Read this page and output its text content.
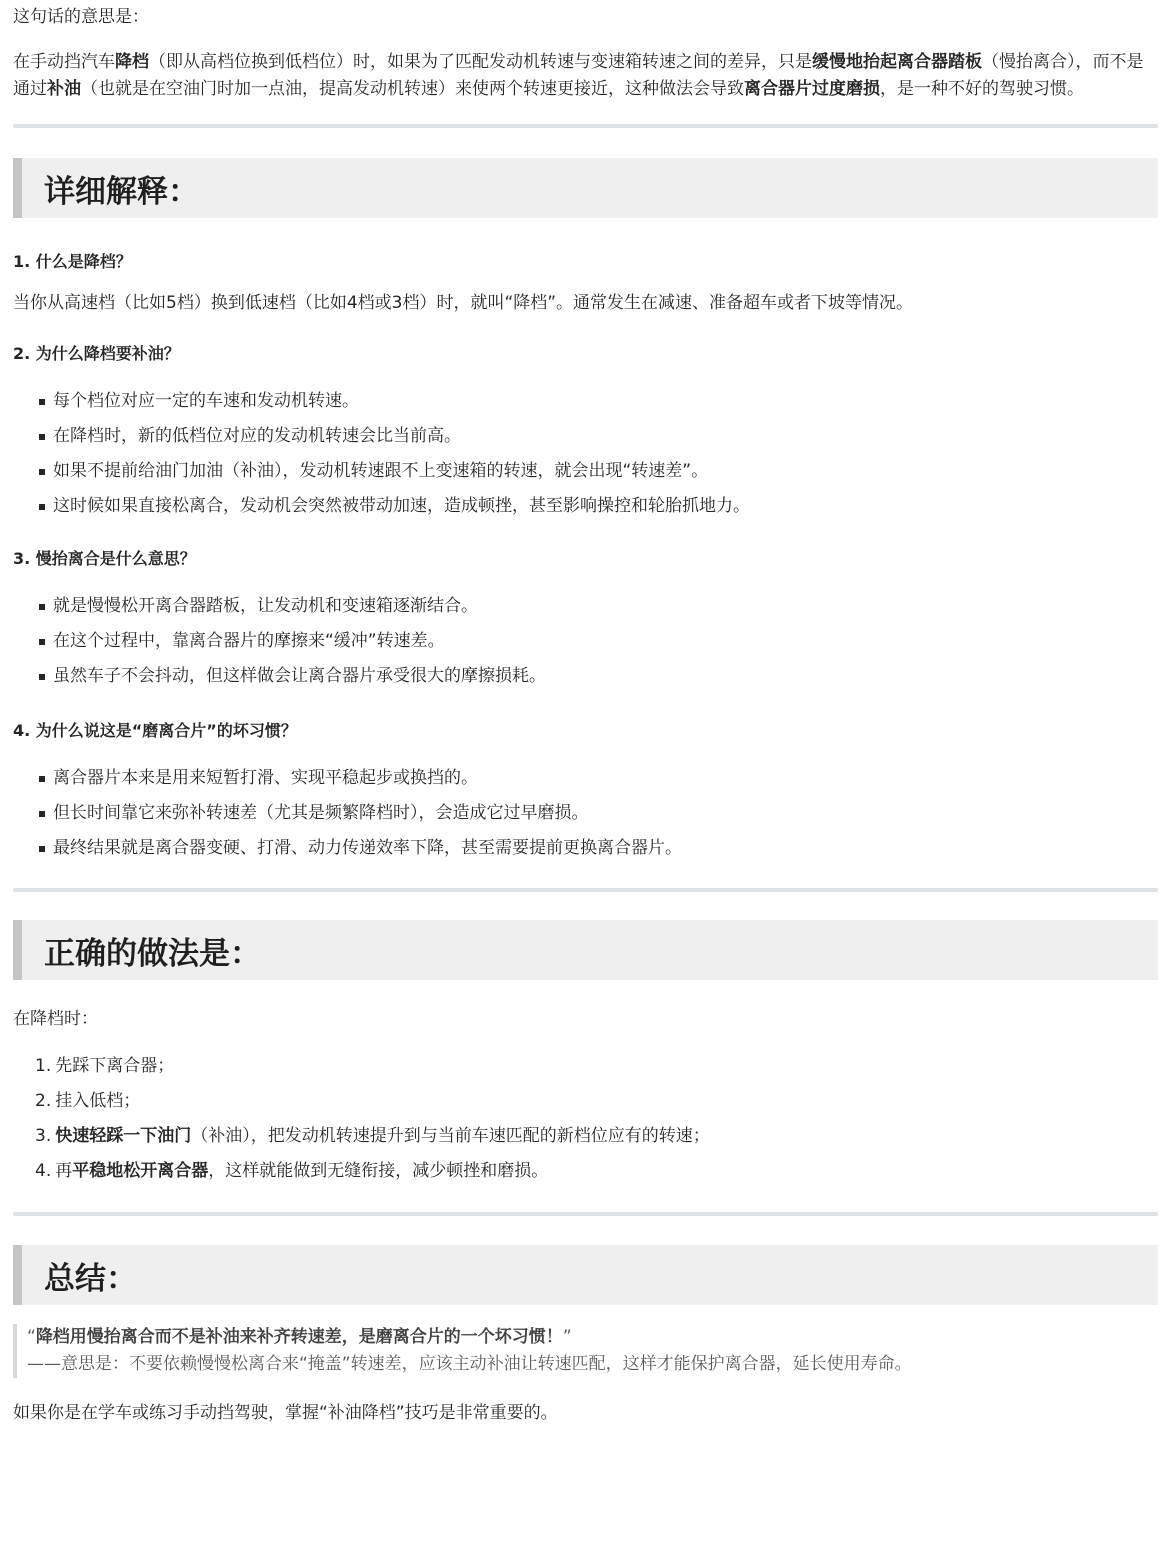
这句话的意思是：

在手动挡汽车降档（即从高档位换到低档位）时，如果为了匹配发动机转速与变速箱转速之间的差异，只是缓慢地抬起离合器踏板（慢抬离合），而不是通过补油（也就是在空油门时加一点油，提高发动机转速）来使两个转速更接近，这种做法会导致离合器片过度磨损，是一种不好的驾驶习惯。

详细解释：
1. 什么是降档？

当你从高速档（比如5档）换到低速档（比如4档或3档）时，就叫“降档”。通常发生在减速、准备超车或者下坡等情况。

2. 为什么降档要补油？
每个档位对应一定的车速和发动机转速。
在降档时，新的低档位对应的发动机转速会比当前高。
如果不提前给油门加油（补油），发动机转速跟不上变速箱的转速，就会出现“转速差”。
这时候如果直接松离合，发动机会突然被带动加速，造成顿挫，甚至影响操控和轮胎抓地力。
3. 慢抬离合是什么意思？
就是慢慢松开离合器踏板，让发动机和变速箱逐渐结合。
在这个过程中，靠离合器片的摩擦来“缓冲”转速差。
虽然车子不会抖动，但这样做会让离合器片承受很大的摩擦损耗。
4. 为什么说这是“磨离合片”的坏习惯？
离合器片本来是用来短暂打滑、实现平稳起步或换挡的。
但长时间靠它来弥补转速差（尤其是频繁降档时），会造成它过早磨损。
最终结果就是离合器变硬、打滑、动力传递效率下降，甚至需要提前更换离合器片。
正确的做法是：

在降档时：

1. 先踩下离合器；
2. 挂入低档；
3. 快速轻踩一下油门（补油），把发动机转速提升到与当前车速匹配的新档位应有的转速；
4. 再平稳地松开离合器，这样就能做到无缝衔接，减少顿挫和磨损。
总结：
“降档用慢抬离合而不是补油来补齐转速差，是磨离合片的一个坏习惯！”
——意思是：不要依赖慢慢松离合来“掩盖”转速差，应该主动补油让转速匹配，这样才能保护离合器，延长使用寿命。

如果你是在学车或练习手动挡驾驶，掌握“补油降档”技巧是非常重要的。
